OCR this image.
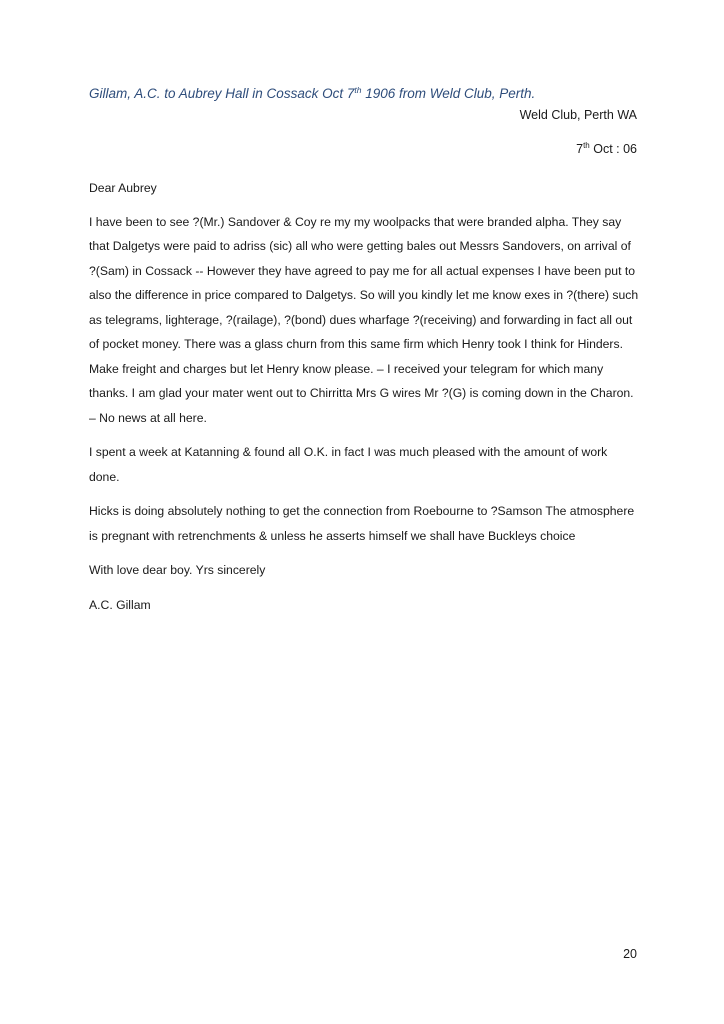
Gillam, A.C. to Aubrey Hall in Cossack Oct 7th 1906 from Weld Club, Perth.
Weld Club, Perth WA
7th Oct : 06

Dear Aubrey

I have been to see ?(Mr.) Sandover & Coy re my my woolpacks that were branded alpha. They say that Dalgetys were paid to adriss (sic) all who were getting bales out Messrs Sandovers, on arrival of ?(Sam) in Cossack -- However they have agreed to pay me for all actual expenses I have been put to also the difference in price compared to Dalgetys. So will you kindly let me know exes in ?(there) such as telegrams, lighterage, ?(railage), ?(bond) dues wharfage ?(receiving) and forwarding in fact all out of pocket money. There was a glass churn from this same firm which Henry took I think for Hinders. Make freight and charges but let Henry know please. – I received your telegram for which many thanks. I am glad your mater went out to Chirritta Mrs G wires Mr ?(G) is coming down in the Charon. – No news at all here.

I spent a week at Katanning & found all O.K. in fact I was much pleased with the amount of work done.

Hicks is doing absolutely nothing to get the connection from Roebourne to ?Samson The atmosphere is pregnant with retrenchments & unless he asserts himself we shall have Buckleys choice

With love dear boy. Yrs sincerely

A.C. Gillam

20
